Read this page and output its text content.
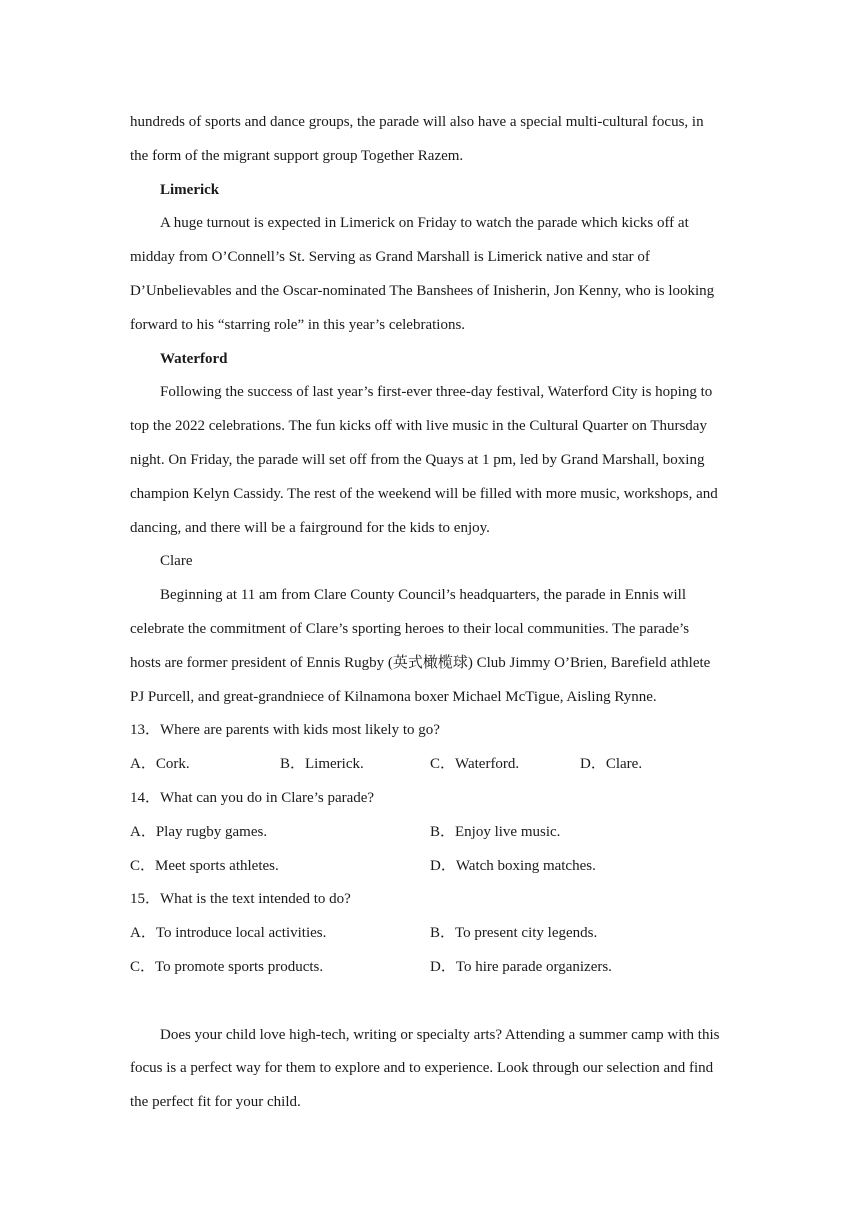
hundreds of sports and dance groups, the parade will also have a special multi-cultural focus, in
the form of the migrant support group Together Razem.
Limerick
A huge turnout is expected in Limerick on Friday to watch the parade which kicks off at
midday from O’Connell’s St. Serving as Grand Marshall is Limerick native and star of
D’Unbelievables and the Oscar-nominated The Banshees of Inisherin, Jon Kenny, who is looking
forward to his “starring role” in this year’s celebrations.
Waterford
Following the success of last year’s first-ever three-day festival, Waterford City is hoping to
top the 2022 celebrations. The fun kicks off with live music in the Cultural Quarter on Thursday
night. On Friday, the parade will set off from the Quays at 1 pm, led by Grand Marshall, boxing
champion Kelyn Cassidy. The rest of the weekend will be filled with more music, workshops, and
dancing, and there will be a fairground for the kids to enjoy.
Clare
Beginning at 11 am from Clare County Council’s headquarters, the parade in Ennis will
celebrate the commitment of Clare’s sporting heroes to their local communities. The parade’s
hosts are former president of Ennis Rugby (英式橄榄球) Club Jimmy O’Brien, Barefield athlete
PJ Purcell, and great-grandniece of Kilnamona boxer Michael McTigue, Aisling Rynne.
13．Where are parents with kids most likely to go?
A．Cork.	B．Limerick.	C．Waterford.	D．Clare.
14．What can you do in Clare’s parade?
A．Play rugby games.	B．Enjoy live music.
C．Meet sports athletes.	D．Watch boxing matches.
15．What is the text intended to do?
A．To introduce local activities.	B．To present city legends.
C．To promote sports products.	D．To hire parade organizers.
Does your child love high-tech, writing or specialty arts? Attending a summer camp with this
focus is a perfect way for them to explore and to experience. Look through our selection and find
the perfect fit for your child.
